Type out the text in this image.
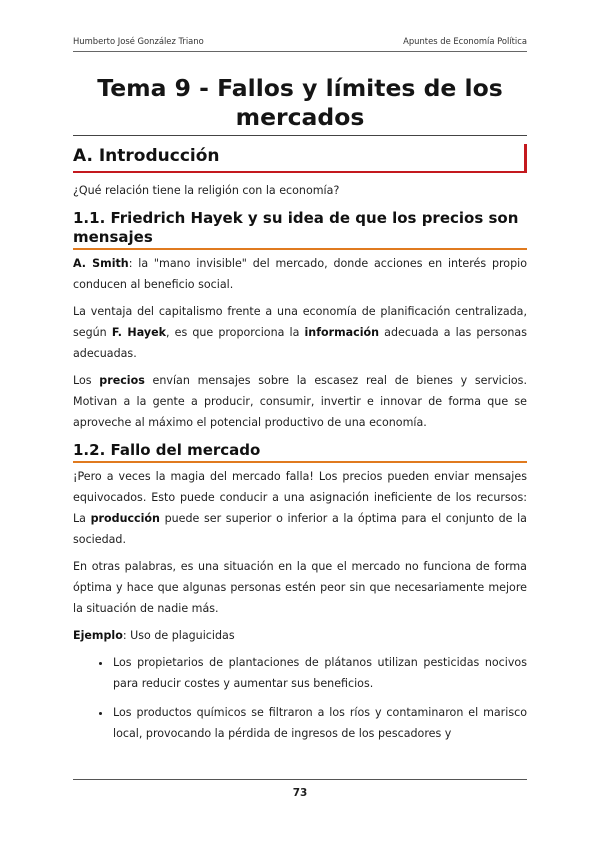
Humberto José González Triano	Apuntes de Economía Política
Tema 9 - Fallos y límites de los mercados
A. Introducción

¿Qué relación tiene la religión con la economía?

1.1. Friedrich Hayek y su idea de que los precios son mensajes

A. Smith: la "mano invisible" del mercado, donde acciones en interés propio conducen al beneficio social.

La ventaja del capitalismo frente a una economía de planificación centralizada, según F. Hayek, es que proporciona la información adecuada a las personas adecuadas.

Los precios envían mensajes sobre la escasez real de bienes y servicios. Motivan a la gente a producir, consumir, invertir e innovar de forma que se aproveche al máximo el potencial productivo de una economía.

1.2. Fallo del mercado

¡Pero a veces la magia del mercado falla! Los precios pueden enviar mensajes equivocados. Esto puede conducir a una asignación ineficiente de los recursos: La producción puede ser superior o inferior a la óptima para el conjunto de la sociedad.

En otras palabras, es una situación en la que el mercado no funciona de forma óptima y hace que algunas personas estén peor sin que necesariamente mejore la situación de nadie más.

Ejemplo: Uso de plaguicidas

• Los propietarios de plantaciones de plátanos utilizan pesticidas nocivos para reducir costes y aumentar sus beneficios.
• Los productos químicos se filtraron a los ríos y contaminaron el marisco local, provocando la pérdida de ingresos de los pescadores y
73
